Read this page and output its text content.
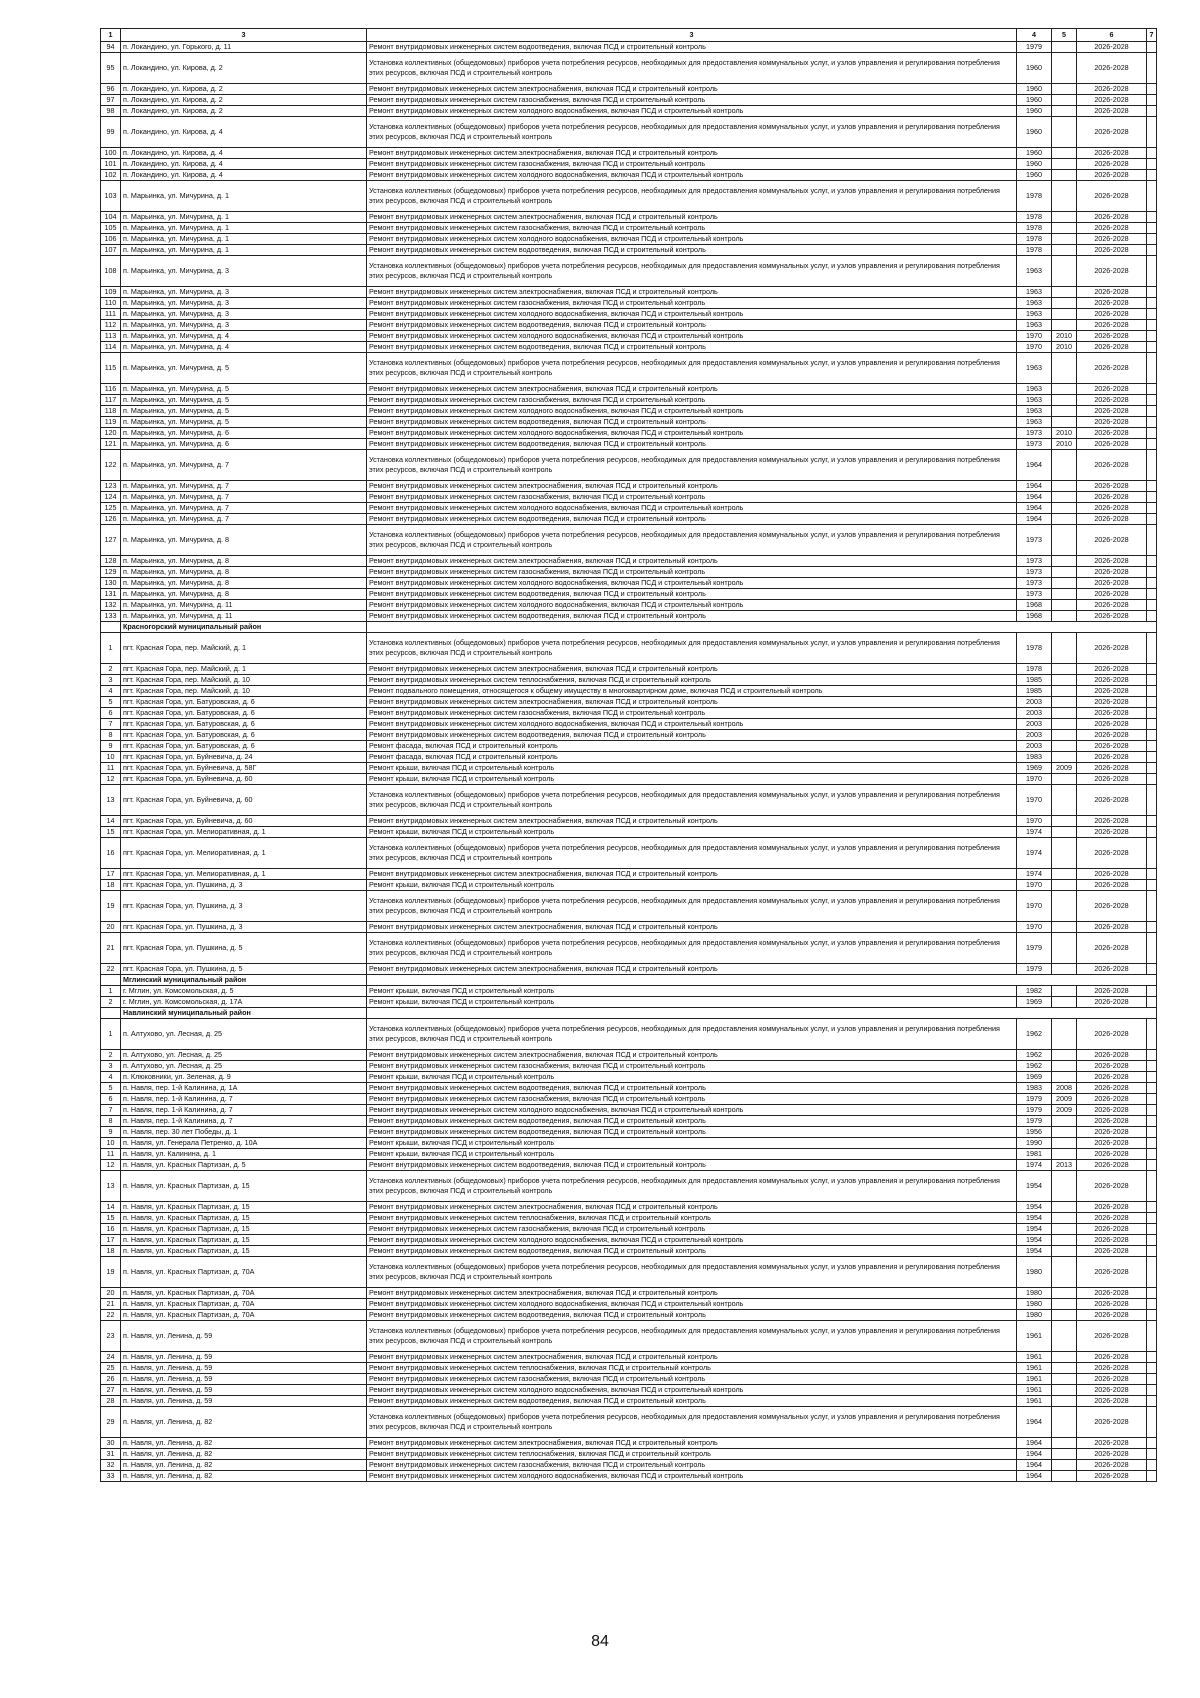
1	3	3	4	5	6	7
94	п. Локандино, ул. Горького, д. 11	Ремонт внутридомовых инженерных систем водоотведения, включая ПСД и строительный контроль	1979		2026-2028	
95	п. Локандино, ул. Кирова, д. 2	Установка коллективных (общедомовых) приборов учета потребления ресурсов, необходимых для предоставления коммунальных услуг, и узлов управления и регулирования потребления этих ресурсов, включая ПСД и строительный контроль	1960		2026-2028	
96	п. Локандино, ул. Кирова, д. 2	Ремонт внутридомовых инженерных систем электроснабжения, включая ПСД и строительный контроль	1960		2026-2028	
97	п. Локандино, ул. Кирова, д. 2	Ремонт внутридомовых инженерных систем газоснабжения, включая ПСД и строительный контроль	1960		2026-2028	
98	п. Локандино, ул. Кирова, д. 2	Ремонт внутридомовых инженерных систем холодного водоснабжения, включая ПСД и строительный контроль	1960		2026-2028	
99	п. Локандино, ул. Кирова, д. 4	Установка коллективных (общедомовых) приборов учета потребления ресурсов, необходимых для предоставления коммунальных услуг, и узлов управления и регулирования потребления этих ресурсов, включая ПСД и строительный контроль	1960		2026-2028	
100	п. Локандино, ул. Кирова, д. 4	Ремонт внутридомовых инженерных систем электроснабжения, включая ПСД и строительный контроль	1960		2026-2028	
101	п. Локандино, ул. Кирова, д. 4	Ремонт внутридомовых инженерных систем газоснабжения, включая ПСД и строительный контроль	1960		2026-2028	
102	п. Локандино, ул. Кирова, д. 4	Ремонт внутридомовых инженерных систем холодного водоснабжения, включая ПСД и строительный контроль	1960		2026-2028	
103	п. Марьинка, ул. Мичурина, д. 1	Установка коллективных (общедомовых) приборов учета потребления ресурсов, необходимых для предоставления коммунальных услуг, и узлов управления и регулирования потребления этих ресурсов, включая ПСД и строительный контроль	1978		2026-2028	
104	п. Марьинка, ул. Мичурина, д. 1	Ремонт внутридомовых инженерных систем электроснабжения, включая ПСД и строительный контроль	1978		2026-2028	
105	п. Марьинка, ул. Мичурина, д. 1	Ремонт внутридомовых инженерных систем газоснабжения, включая ПСД и строительный контроль	1978		2026-2028	
106	п. Марьинка, ул. Мичурина, д. 1	Ремонт внутридомовых инженерных систем холодного водоснабжения, включая ПСД и строительный контроль	1978		2026-2028	
107	п. Марьинка, ул. Мичурина, д. 1	Ремонт внутридомовых инженерных систем водоотведения, включая ПСД и строительный контроль	1978		2026-2028	
108	п. Марьинка, ул. Мичурина, д. 3	Установка коллективных (общедомовых) приборов учета потребления ресурсов, необходимых для предоставления коммунальных услуг, и узлов управления и регулирования потребления этих ресурсов, включая ПСД и строительный контроль	1963		2026-2028	
109	п. Марьинка, ул. Мичурина, д. 3	Ремонт внутридомовых инженерных систем электроснабжения, включая ПСД и строительный контроль	1963		2026-2028	
110	п. Марьинка, ул. Мичурина, д. 3	Ремонт внутридомовых инженерных систем газоснабжения, включая ПСД и строительный контроль	1963		2026-2028	
111	п. Марьинка, ул. Мичурина, д. 3	Ремонт внутридомовых инженерных систем холодного водоснабжения, включая ПСД и строительный контроль	1963		2026-2028	
112	п. Марьинка, ул. Мичурина, д. 3	Ремонт внутридомовых инженерных систем водоотведения, включая ПСД и строительный контроль	1963		2026-2028	
113	п. Марьинка, ул. Мичурина, д. 4	Ремонт внутридомовых инженерных систем холодного водоснабжения, включая ПСД и строительный контроль	1970	2010	2026-2028	
114	п. Марьинка, ул. Мичурина, д. 4	Ремонт внутридомовых инженерных систем водоотведения, включая ПСД и строительный контроль	1970	2010	2026-2028	
115	п. Марьинка, ул. Мичурина, д. 5	Установка коллективных (общедомовых) приборов учета потребления ресурсов, необходимых для предоставления коммунальных услуг, и узлов управления и регулирования потребления этих ресурсов, включая ПСД и строительный контроль	1963		2026-2028	
116	п. Марьинка, ул. Мичурина, д. 5	Ремонт внутридомовых инженерных систем электроснабжения, включая ПСД и строительный контроль	1963		2026-2028	
117	п. Марьинка, ул. Мичурина, д. 5	Ремонт внутридомовых инженерных систем газоснабжения, включая ПСД и строительный контроль	1963		2026-2028	
118	п. Марьинка, ул. Мичурина, д. 5	Ремонт внутридомовых инженерных систем холодного водоснабжения, включая ПСД и строительный контроль	1963		2026-2028	
119	п. Марьинка, ул. Мичурина, д. 5	Ремонт внутридомовых инженерных систем водоотведения, включая ПСД и строительный контроль	1963		2026-2028	
120	п. Марьинка, ул. Мичурина, д. 6	Ремонт внутридомовых инженерных систем холодного водоснабжения, включая ПСД и строительный контроль	1973	2010	2026-2028	
121	п. Марьинка, ул. Мичурина, д. 6	Ремонт внутридомовых инженерных систем водоотведения, включая ПСД и строительный контроль	1973	2010	2026-2028	
122	п. Марьинка, ул. Мичурина, д. 7	Установка коллективных (общедомовых) приборов учета потребления ресурсов, необходимых для предоставления коммунальных услуг, и узлов управления и регулирования потребления этих ресурсов, включая ПСД и строительный контроль	1964		2026-2028	
123	п. Марьинка, ул. Мичурина, д. 7	Ремонт внутридомовых инженерных систем электроснабжения, включая ПСД и строительный контроль	1964		2026-2028	
124	п. Марьинка, ул. Мичурина, д. 7	Ремонт внутридомовых инженерных систем газоснабжения, включая ПСД и строительный контроль	1964		2026-2028	
125	п. Марьинка, ул. Мичурина, д. 7	Ремонт внутридомовых инженерных систем холодного водоснабжения, включая ПСД и строительный контроль	1964		2026-2028	
126	п. Марьинка, ул. Мичурина, д. 7	Ремонт внутридомовых инженерных систем водоотведения, включая ПСД и строительный контроль	1964		2026-2028	
127	п. Марьинка, ул. Мичурина, д. 8	Установка коллективных (общедомовых) приборов учета потребления ресурсов, необходимых для предоставления коммунальных услуг, и узлов управления и регулирования потребления этих ресурсов, включая ПСД и строительный контроль	1973		2026-2028	
128	п. Марьинка, ул. Мичурина, д. 8	Ремонт внутридомовых инженерных систем электроснабжения, включая ПСД и строительный контроль	1973		2026-2028	
129	п. Марьинка, ул. Мичурина, д. 8	Ремонт внутридомовых инженерных систем газоснабжения, включая ПСД и строительный контроль	1973		2026-2028	
130	п. Марьинка, ул. Мичурина, д. 8	Ремонт внутридомовых инженерных систем холодного водоснабжения, включая ПСД и строительный контроль	1973		2026-2028	
131	п. Марьинка, ул. Мичурина, д. 8	Ремонт внутридомовых инженерных систем водоотведения, включая ПСД и строительный контроль	1973		2026-2028	
132	п. Марьинка, ул. Мичурина, д. 11	Ремонт внутридомовых инженерных систем холодного водоснабжения, включая ПСД и строительный контроль	1968		2026-2028	
133	п. Марьинка, ул. Мичурина, д. 11	Ремонт внутридомовых инженерных систем водоотведения, включая ПСД и строительный контроль	1968		2026-2028	
	Красногорский муниципальный район					
1	пгт. Красная Гора, пер. Майский, д. 1	Установка коллективных (общедомовых) приборов учета потребления ресурсов, необходимых для предоставления коммунальных услуг, и узлов управления и регулирования потребления этих ресурсов, включая ПСД и строительный контроль	1978		2026-2028	
2	пгт. Красная Гора, пер. Майский, д. 1	Ремонт внутридомовых инженерных систем электроснабжения, включая ПСД и строительный контроль	1978		2026-2028	
3	пгт. Красная Гора, пер. Майский, д. 10	Ремонт внутридомовых инженерных систем теплоснабжения, включая ПСД и строительный контроль	1985		2026-2028	
4	пгт. Красная Гора, пер. Майский, д. 10	Ремонт подвального помещения, относящегося к общему имуществу в многоквартирном доме, включая ПСД и строительный контроль	1985		2026-2028	
5	пгт. Красная Гора, ул. Батуровская, д. 6	Ремонт внутридомовых инженерных систем электроснабжения, включая ПСД и строительный контроль	2003		2026-2028	
6	пгт. Красная Гора, ул. Батуровская, д. 6	Ремонт внутридомовых инженерных систем газоснабжения, включая ПСД и строительный контроль	2003		2026-2028	
7	пгт. Красная Гора, ул. Батуровская, д. 6	Ремонт внутридомовых инженерных систем холодного водоснабжения, включая ПСД и строительный контроль	2003		2026-2028	
8	пгт. Красная Гора, ул. Батуровская, д. 6	Ремонт внутридомовых инженерных систем водоотведения, включая ПСД и строительный контроль	2003		2026-2028	
9	пгт. Красная Гора, ул. Батуровская, д. 6	Ремонт фасада, включая ПСД и строительный контроль	2003		2026-2028	
10	пгт. Красная Гора, ул. Буйневича, д. 24	Ремонт фасада, включая ПСД и строительный контроль	1983		2026-2028	
11	пгт. Красная Гора, ул. Буйневича, д. 58Г	Ремонт крыши, включая ПСД и строительный контроль	1969	2009	2026-2028	
12	пгт. Красная Гора, ул. Буйневича, д. 60	Ремонт крыши, включая ПСД и строительный контроль	1970		2026-2028	
13	пгт. Красная Гора, ул. Буйневича, д. 60	Установка коллективных (общедомовых) приборов учета потребления ресурсов, необходимых для предоставления коммунальных услуг, и узлов управления и регулирования потребления этих ресурсов, включая ПСД и строительный контроль	1970		2026-2028	
14	пгт. Красная Гора, ул. Буйневича, д. 60	Ремонт внутридомовых инженерных систем электроснабжения, включая ПСД и строительный контроль	1970		2026-2028	
15	пгт. Красная Гора, ул. Мелиоративная, д. 1	Ремонт крыши, включая ПСД и строительный контроль	1974		2026-2028	
16	пгт. Красная Гора, ул. Мелиоративная, д. 1	Установка коллективных (общедомовых) приборов учета потребления ресурсов, необходимых для предоставления коммунальных услуг, и узлов управления и регулирования потребления этих ресурсов, включая ПСД и строительный контроль	1974		2026-2028	
17	пгт. Красная Гора, ул. Мелиоративная, д. 1	Ремонт внутридомовых инженерных систем электроснабжения, включая ПСД и строительный контроль	1974		2026-2028	
18	пгт. Красная Гора, ул. Пушкина, д. 3	Ремонт крыши, включая ПСД и строительный контроль	1970		2026-2028	
19	пгт. Красная Гора, ул. Пушкина, д. 3	Установка коллективных (общедомовых) приборов учета потребления ресурсов, необходимых для предоставления коммунальных услуг, и узлов управления и регулирования потребления этих ресурсов, включая ПСД и строительный контроль	1970		2026-2028	
20	пгт. Красная Гора, ул. Пушкина, д. 3	Ремонт внутридомовых инженерных систем электроснабжения, включая ПСД и строительный контроль	1970		2026-2028	
21	пгт. Красная Гора, ул. Пушкина, д. 5	Установка коллективных (общедомовых) приборов учета потребления ресурсов, необходимых для предоставления коммунальных услуг, и узлов управления и регулирования потребления этих ресурсов, включая ПСД и строительный контроль	1979		2026-2028	
22	пгт. Красная Гора, ул. Пушкина, д. 5	Ремонт внутридомовых инженерных систем электроснабжения, включая ПСД и строительный контроль	1979		2026-2028	
	Мглинский муниципальный район					
1	г. Мглин, ул. Комсомольская, д. 5	Ремонт крыши, включая ПСД и строительный контроль	1982		2026-2028	
2	г. Мглин, ул. Комсомольская, д. 17А	Ремонт крыши, включая ПСД и строительный контроль	1969		2026-2028	
	Навлинский муниципальный район					
1	п. Алтухово, ул. Лесная, д. 25	Установка коллективных (общедомовых) приборов учета потребления ресурсов, необходимых для предоставления коммунальных услуг, и узлов управления и регулирования потребления этих ресурсов, включая ПСД и строительный контроль	1962		2026-2028	
2	п. Алтухово, ул. Лесная, д. 25	Ремонт внутридомовых инженерных систем электроснабжения, включая ПСД и строительный контроль	1962		2026-2028	
3	п. Алтухово, ул. Лесная, д. 25	Ремонт внутридомовых инженерных систем газоснабжения, включая ПСД и строительный контроль	1962		2026-2028	
4	п. Клюковники, ул. Зеленая, д. 9	Ремонт крыши, включая ПСД и строительный контроль	1969		2026-2028	
5	п. Навля, пер. 1-й Калинина, д. 1А	Ремонт внутридомовых инженерных систем водоотведения, включая ПСД и строительный контроль	1983	2008	2026-2028	
6	п. Навля, пер. 1-й Калинина, д. 7	Ремонт внутридомовых инженерных систем газоснабжения, включая ПСД и строительный контроль	1979	2009	2026-2028	
7	п. Навля, пер. 1-й Калинина, д. 7	Ремонт внутридомовых инженерных систем холодного водоснабжения, включая ПСД и строительный контроль	1979	2009	2026-2028	
8	п. Навля, пер. 1-й Калинина, д. 7	Ремонт внутридомовых инженерных систем водоотведения, включая ПСД и строительный контроль	1979		2026-2028	
9	п. Навля, пер. 30 лет Победы, д. 1	Ремонт внутридомовых инженерных систем водоотведения, включая ПСД и строительный контроль	1956		2026-2028	
10	п. Навля, ул. Генерала Петренко, д. 10А	Ремонт крыши, включая ПСД и строительный контроль	1990		2026-2028	
11	п. Навля, ул. Калинина, д. 1	Ремонт крыши, включая ПСД и строительный контроль	1981		2026-2028	
12	п. Навля, ул. Красных Партизан, д. 5	Ремонт внутридомовых инженерных систем водоотведения, включая ПСД и строительный контроль	1974	2013	2026-2028	
13	п. Навля, ул. Красных Партизан, д. 15	Установка коллективных (общедомовых) приборов учета потребления ресурсов, необходимых для предоставления коммунальных услуг, и узлов управления и регулирования потребления этих ресурсов, включая ПСД и строительный контроль	1954		2026-2028	
14	п. Навля, ул. Красных Партизан, д. 15	Ремонт внутридомовых инженерных систем электроснабжения, включая ПСД и строительный контроль	1954		2026-2028	
15	п. Навля, ул. Красных Партизан, д. 15	Ремонт внутридомовых инженерных систем теплоснабжения, включая ПСД и строительный контроль	1954		2026-2028	
16	п. Навля, ул. Красных Партизан, д. 15	Ремонт внутридомовых инженерных систем газоснабжения, включая ПСД и строительный контроль	1954		2026-2028	
17	п. Навля, ул. Красных Партизан, д. 15	Ремонт внутридомовых инженерных систем холодного водоснабжения, включая ПСД и строительный контроль	1954		2026-2028	
18	п. Навля, ул. Красных Партизан, д. 15	Ремонт внутридомовых инженерных систем водоотведения, включая ПСД и строительный контроль	1954		2026-2028	
19	п. Навля, ул. Красных Партизан, д. 70А	Установка коллективных (общедомовых) приборов учета потребления ресурсов, необходимых для предоставления коммунальных услуг, и узлов управления и регулирования потребления этих ресурсов, включая ПСД и строительный контроль	1980		2026-2028	
20	п. Навля, ул. Красных Партизан, д. 70А	Ремонт внутридомовых инженерных систем электроснабжения, включая ПСД и строительный контроль	1980		2026-2028	
21	п. Навля, ул. Красных Партизан, д. 70А	Ремонт внутридомовых инженерных систем холодного водоснабжения, включая ПСД и строительный контроль	1980		2026-2028	
22	п. Навля, ул. Красных Партизан, д. 70А	Ремонт внутридомовых инженерных систем водоотведения, включая ПСД и строительный контроль	1980		2026-2028	
23	п. Навля, ул. Ленина, д. 59	Установка коллективных (общедомовых) приборов учета потребления ресурсов, необходимых для предоставления коммунальных услуг, и узлов управления и регулирования потребления этих ресурсов, включая ПСД и строительный контроль	1961		2026-2028	
24	п. Навля, ул. Ленина, д. 59	Ремонт внутридомовых инженерных систем электроснабжения, включая ПСД и строительный контроль	1961		2026-2028	
25	п. Навля, ул. Ленина, д. 59	Ремонт внутридомовых инженерных систем теплоснабжения, включая ПСД и строительный контроль	1961		2026-2028	
26	п. Навля, ул. Ленина, д. 59	Ремонт внутридомовых инженерных систем газоснабжения, включая ПСД и строительный контроль	1961		2026-2028	
27	п. Навля, ул. Ленина, д. 59	Ремонт внутридомовых инженерных систем холодного водоснабжения, включая ПСД и строительный контроль	1961		2026-2028	
28	п. Навля, ул. Ленина, д. 59	Ремонт внутридомовых инженерных систем водоотведения, включая ПСД и строительный контроль	1961		2026-2028	
29	п. Навля, ул. Ленина, д. 82	Установка коллективных (общедомовых) приборов учета потребления ресурсов, необходимых для предоставления коммунальных услуг, и узлов управления и регулирования потребления этих ресурсов, включая ПСД и строительный контроль	1964		2026-2028	
30	п. Навля, ул. Ленина, д. 82	Ремонт внутридомовых инженерных систем электроснабжения, включая ПСД и строительный контроль	1964		2026-2028	
31	п. Навля, ул. Ленина, д. 82	Ремонт внутридомовых инженерных систем теплоснабжения, включая ПСД и строительный контроль	1964		2026-2028	
32	п. Навля, ул. Ленина, д. 82	Ремонт внутридомовых инженерных систем газоснабжения, включая ПСД и строительный контроль	1964		2026-2028	
33	п. Навля, ул. Ленина, д. 82	Ремонт внутридомовых инженерных систем холодного водоснабжения, включая ПСД и строительный контроль	1964		2026-2028	
84
